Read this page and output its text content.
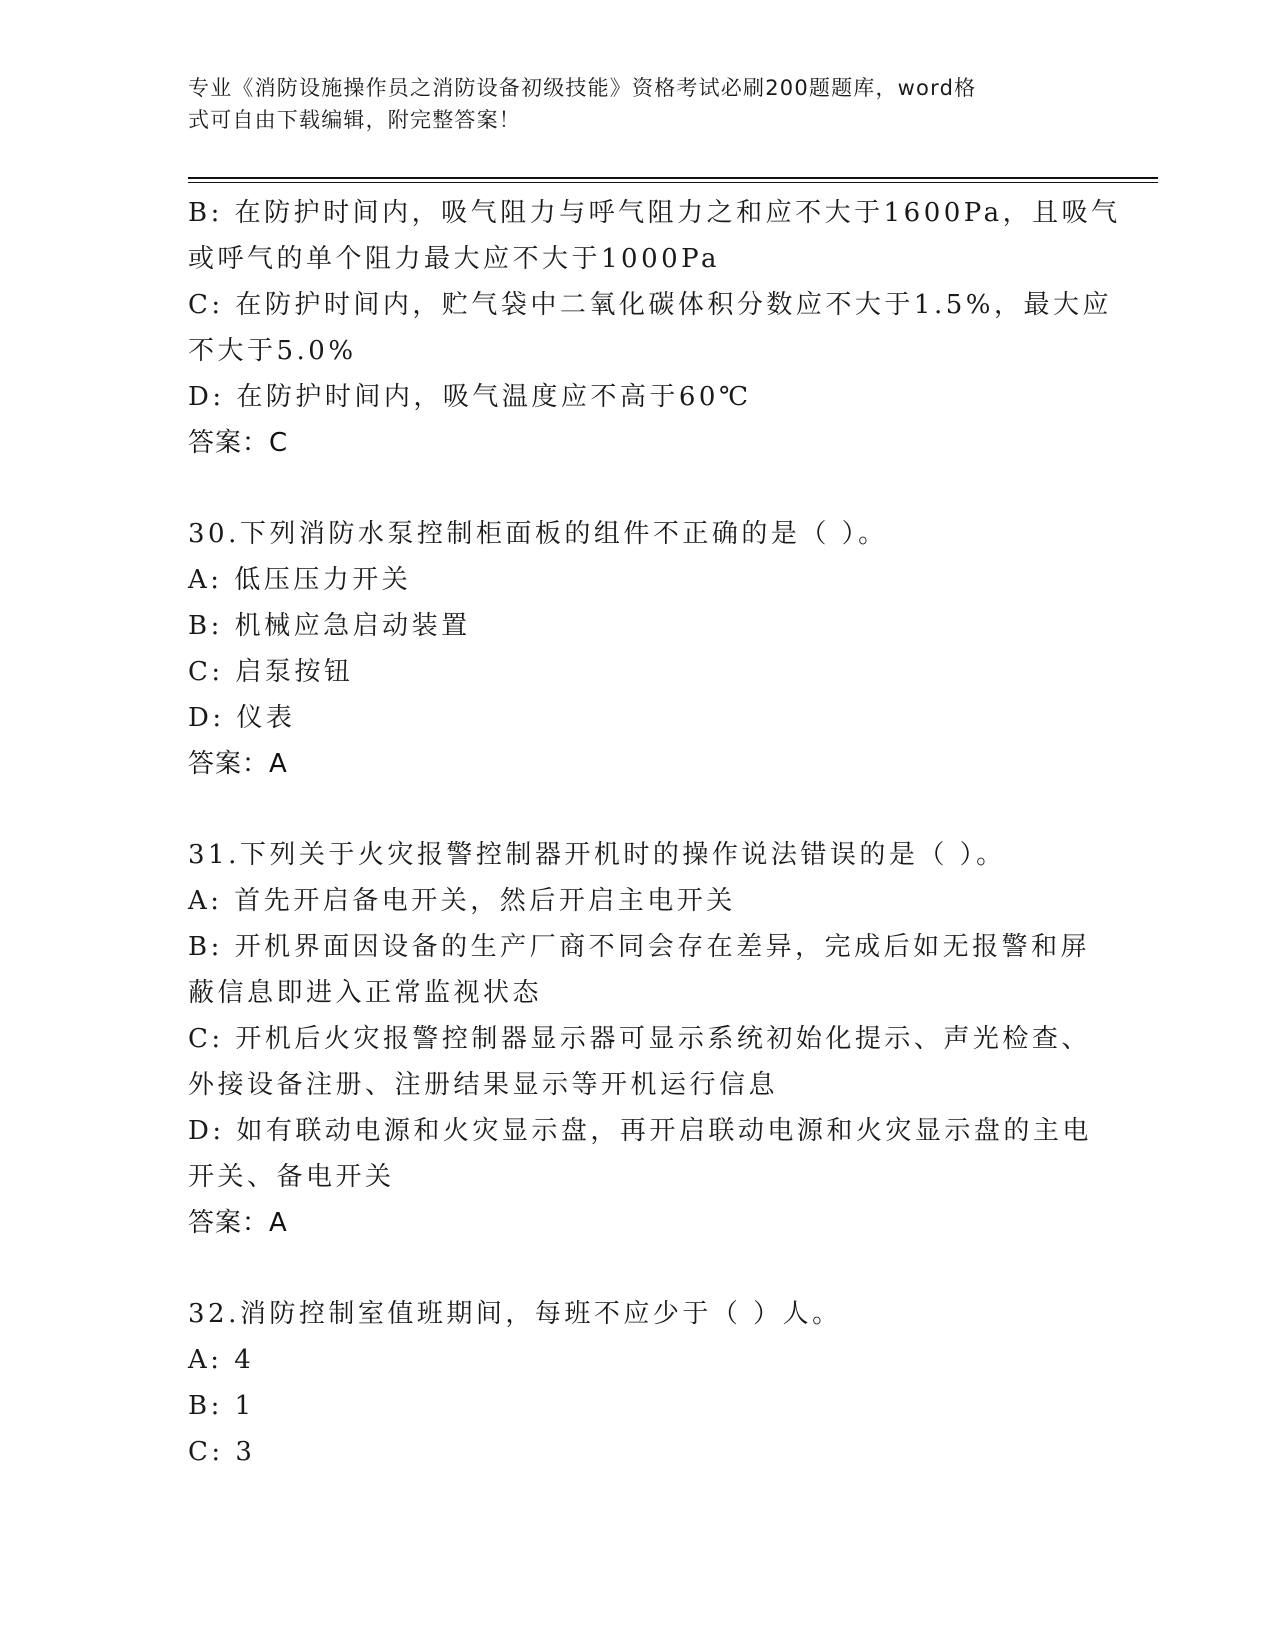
专业《消防设施操作员之消防设备初级技能》资格考试必刷200题题库，word格
式可自由下载编辑，附完整答案！
B: 在防护时间内，吸气阻力与呼气阻力之和应不大于1600Pa，且吸气
或呼气的单个阻力最大应不大于1000Pa
C: 在防护时间内，贮气袋中二氧化碳体积分数应不大于1.5%，最大应
不大于5.0%
D: 在防护时间内，吸气温度应不高于60℃
答案：C
30.下列消防水泵控制柜面板的组件不正确的是（ ）。
A: 低压压力开关
B: 机械应急启动装置
C: 启泵按钮
D: 仪表
答案：A
31.下列关于火灾报警控制器开机时的操作说法错误的是（ ）。
A: 首先开启备电开关，然后开启主电开关
B: 开机界面因设备的生产厂商不同会存在差异，完成后如无报警和屏
蔽信息即进入正常监视状态
C: 开机后火灾报警控制器显示器可显示系统初始化提示、声光检查、
外接设备注册、注册结果显示等开机运行信息
D: 如有联动电源和火灾显示盘，再开启联动电源和火灾显示盘的主电
开关、备电开关
答案：A
32.消防控制室值班期间，每班不应少于（ ）人。
A: 4
B: 1
C: 3
